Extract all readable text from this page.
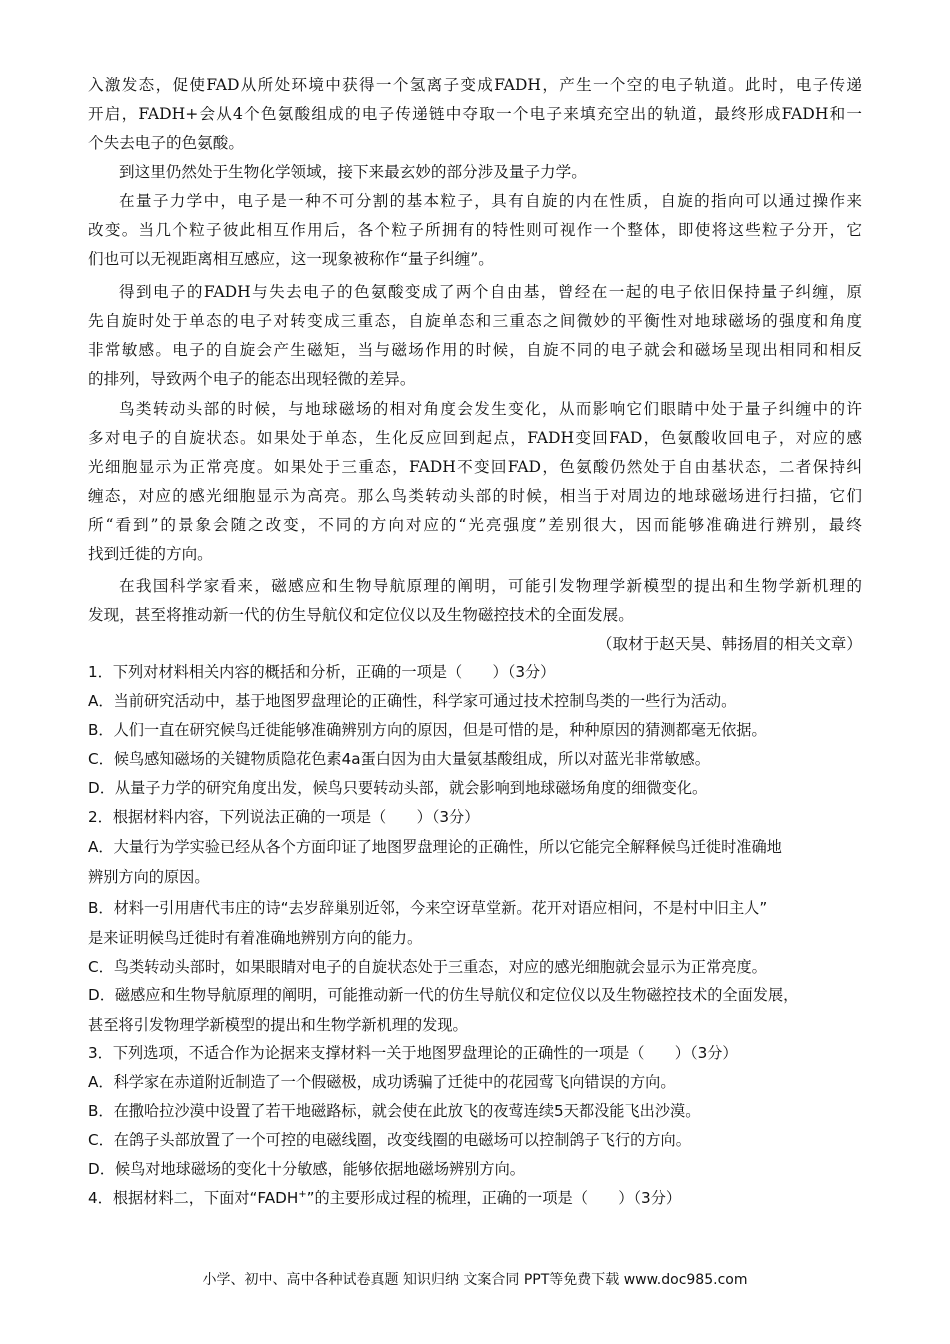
入激发态，促使FAD从所处环境中获得一个氢离子变成FADH，产生一个空的电子轨道。此时，电子传递
开启，FADH+会从4个色氨酸组成的电子传递链中夺取一个电子来填充空出的轨道，最终形成FADH和一
个失去电子的色氨酸。
到这里仍然处于生物化学领域，接下来最玄妙的部分涉及量子力学。
在量子力学中，电子是一种不可分割的基本粒子，具有自旋的内在性质，自旋的指向可以通过操作来
改变。当几个粒子彼此相互作用后，各个粒子所拥有的特性则可视作一个整体，即使将这些粒子分开，它
们也可以无视距离相互感应，这一现象被称作“量子纠缠”。
得到电子的FADH与失去电子的色氨酸变成了两个自由基，曾经在一起的电子依旧保持量子纠缠，原
先自旋时处于单态的电子对转变成三重态，自旋单态和三重态之间微妙的平衡性对地球磁场的强度和角度
非常敏感。电子的自旋会产生磁矩，当与磁场作用的时候，自旋不同的电子就会和磁场呈现出相同和相反
的排列，导致两个电子的能态出现轻微的差异。
鸟类转动头部的时候，与地球磁场的相对角度会发生变化，从而影响它们眼睛中处于量子纠缠中的许
多对电子的自旋状态。如果处于单态，生化反应回到起点，FADH变回FAD，色氨酸收回电子，对应的感
光细胞显示为正常亮度。如果处于三重态，FADH不变回FAD，色氨酸仍然处于自由基状态，二者保持纠
缠态，对应的感光细胞显示为高亮。那么鸟类转动头部的时候，相当于对周边的地球磁场进行扫描，它们
所“看到”的景象会随之改变，不同的方向对应的“光亮强度”差别很大，因而能够准确进行辨别，最终
找到迁徙的方向。
在我国科学家看来，磁感应和生物导航原理的阐明，可能引发物理学新模型的提出和生物学新机理的
发现，甚至将推动新一代的仿生导航仪和定位仪以及生物磁控技术的全面发展。
（取材于赵天昊、韩扬眉的相关文章）
1．下列对材料相关内容的概括和分析，正确的一项是（　　）（3分）
A．当前研究活动中，基于地图罗盘理论的正确性，科学家可通过技术控制鸟类的一些行为活动。
B．人们一直在研究候鸟迁徙能够准确辨别方向的原因，但是可惜的是，种种原因的猜测都毫无依据。
C．候鸟感知磁场的关键物质隐花色素4a蛋白因为由大量氨基酸组成，所以对蓝光非常敏感。
D．从量子力学的研究角度出发，候鸟只要转动头部，就会影响到地球磁场角度的细微变化。
2．根据材料内容，下列说法正确的一项是（　　）（3分）
A．大量行为学实验已经从各个方面印证了地图罗盘理论的正确性，所以它能完全解释候鸟迁徙时准确地
辨别方向的原因。
B．材料一引用唐代韦庄的诗“去岁辞巢别近邻，今来空讶草堂新。花开对语应相问，不是村中旧主人”
是来证明候鸟迁徙时有着准确地辨别方向的能力。
C．鸟类转动头部时，如果眼睛对电子的自旋状态处于三重态，对应的感光细胞就会显示为正常亮度。
D．磁感应和生物导航原理的阐明，可能推动新一代的仿生导航仪和定位仪以及生物磁控技术的全面发展，
甚至将引发物理学新模型的提出和生物学新机理的发现。
3．下列选项，不适合作为论据来支撑材料一关于地图罗盘理论的正确性的一项是（　　）（3分）
A．科学家在赤道附近制造了一个假磁极，成功诱骗了迁徙中的花园莺飞向错误的方向。
B．在撒哈拉沙漠中设置了若干地磁路标，就会使在此放飞的夜莺连续5天都没能飞出沙漠。
C．在鸽子头部放置了一个可控的电磁线圈，改变线圈的电磁场可以控制鸽子飞行的方向。
D．候鸟对地球磁场的变化十分敏感，能够依据地磁场辨别方向。
4．根据材料二，下面对“FADH+”的主要形成过程的梳理，正确的一项是（　　）（3分）
小学、初中、高中各种试卷真题 知识归纳 文案合同 PPT等免费下载 www.doc985.com
